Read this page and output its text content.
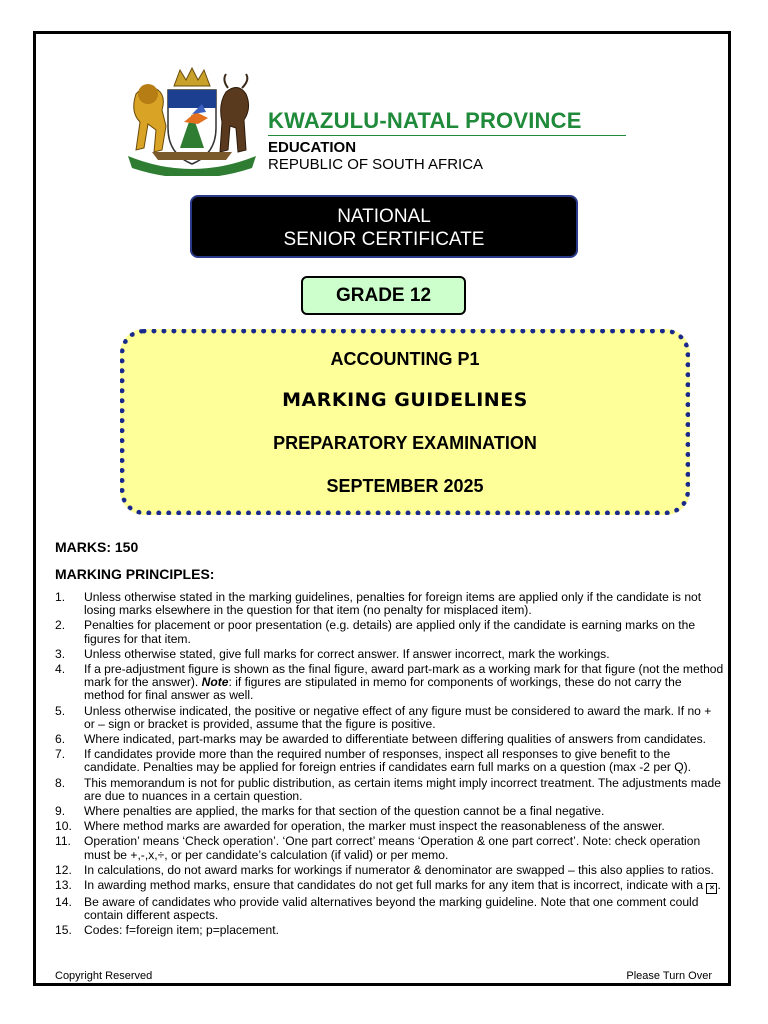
KWAZULU-NATAL PROVINCE
EDUCATION
REPUBLIC OF SOUTH AFRICA
NATIONAL
SENIOR CERTIFICATE
GRADE 12
ACCOUNTING P1
MARKING GUIDELINES
PREPARATORY EXAMINATION
SEPTEMBER 2025
MARKS: 150
MARKING PRINCIPLES:
1. Unless otherwise stated in the marking guidelines, penalties for foreign items are applied only if the candidate is not losing marks elsewhere in the question for that item (no penalty for misplaced item).
2. Penalties for placement or poor presentation (e.g. details) are applied only if the candidate is earning marks on the figures for that item.
3. Unless otherwise stated, give full marks for correct answer. If answer incorrect, mark the workings.
4. If a pre-adjustment figure is shown as the final figure, award part-mark as a working mark for that figure (not the method mark for the answer). Note: if figures are stipulated in memo for components of workings, these do not carry the method for final answer as well.
5. Unless otherwise indicated, the positive or negative effect of any figure must be considered to award the mark. If no + or – sign or bracket is provided, assume that the figure is positive.
6. Where indicated, part-marks may be awarded to differentiate between differing qualities of answers from candidates.
7. If candidates provide more than the required number of responses, inspect all responses to give benefit to the candidate. Penalties may be applied for foreign entries if candidates earn full marks on a question (max -2 per Q).
8. This memorandum is not for public distribution, as certain items might imply incorrect treatment. The adjustments made are due to nuances in a certain question.
9. Where penalties are applied, the marks for that section of the question cannot be a final negative.
10. Where method marks are awarded for operation, the marker must inspect the reasonableness of the answer.
11. Operation’ means ‘Check operation’. ‘One part correct’ means ‘Operation & one part correct’. Note: check operation must be +,-,x,÷, or per candidate’s calculation (if valid) or per memo.
12. In calculations, do not award marks for workings if numerator & denominator are swapped – this also applies to ratios.
13. In awarding method marks, ensure that candidates do not get full marks for any item that is incorrect, indicate with a × .
14. Be aware of candidates who provide valid alternatives beyond the marking guideline. Note that one comment could contain different aspects.
15. Codes: f=foreign item; p=placement.
Copyright Reserved	Please Turn Over
